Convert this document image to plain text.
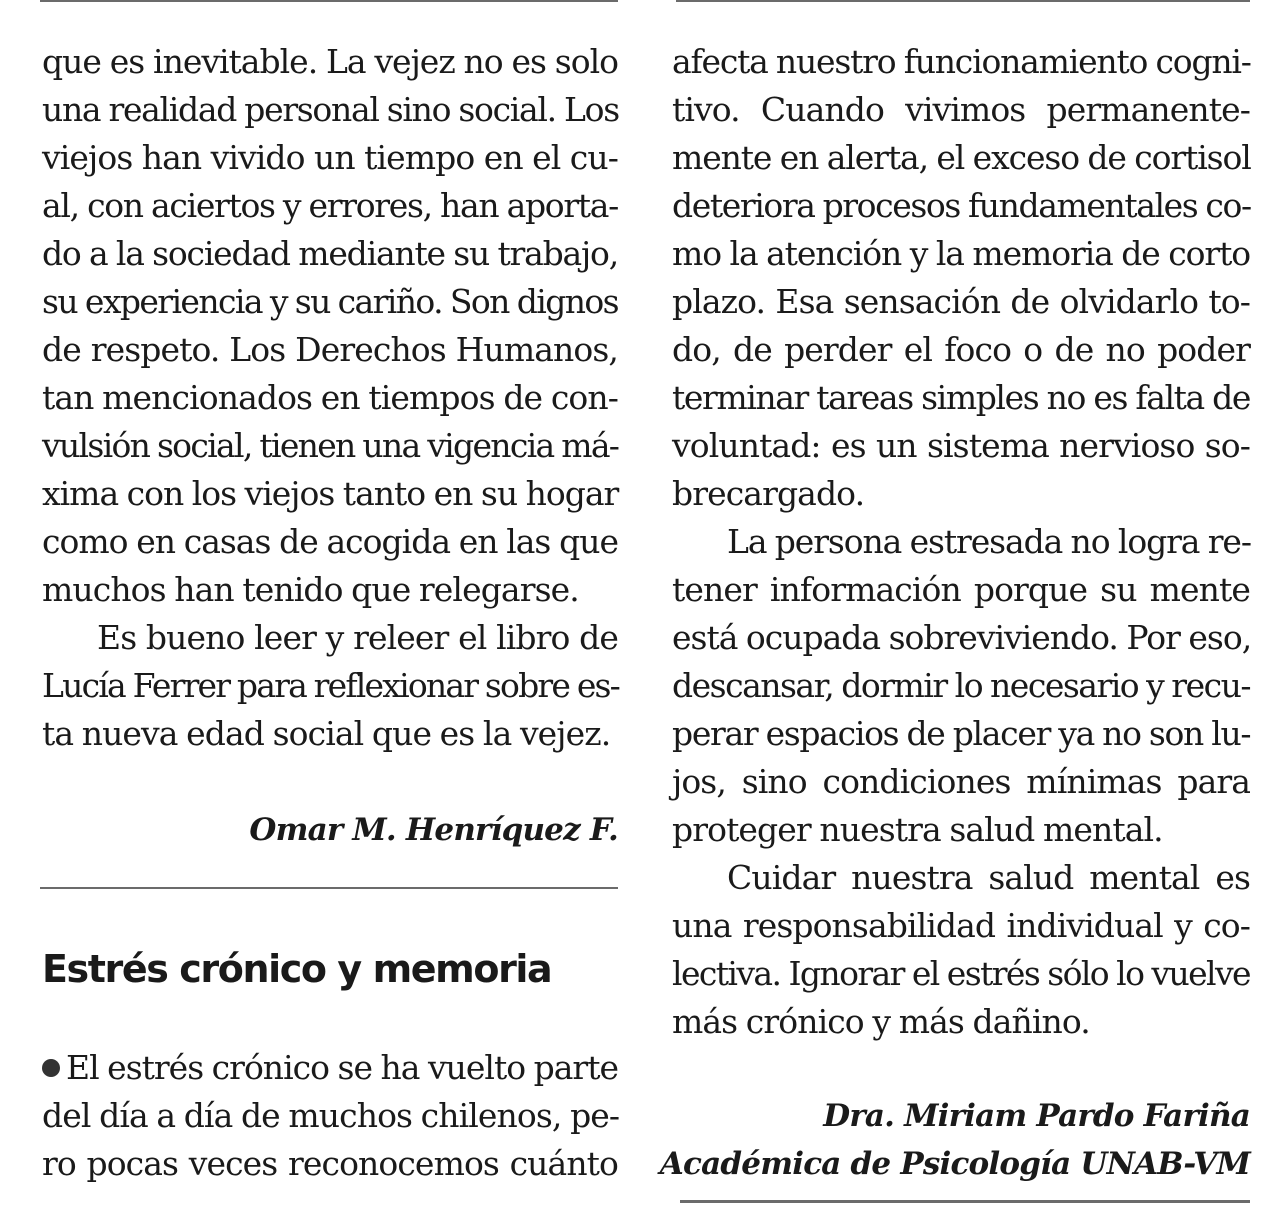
que es inevitable. La vejez no es solo
una realidad personal sino social. Los
viejos han vivido un tiempo en el cu-
al, con aciertos y errores, han aporta-
do a la sociedad mediante su trabajo,
su experiencia y su cariño. Son dignos
de respeto. Los Derechos Humanos,
tan mencionados en tiempos de con-
vulsión social, tienen una vigencia má-
xima con los viejos tanto en su hogar
como en casas de acogida en las que
muchos han tenido que relegarse.
Es bueno leer y releer el libro de
Lucía Ferrer para reflexionar sobre es-
ta nueva edad social que es la vejez.
Omar M. Henríquez F.
Estrés crónico y memoria
El estrés crónico se ha vuelto parte
del día a día de muchos chilenos, pe-
ro pocas veces reconocemos cuánto
afecta nuestro funcionamiento cogni-
tivo. Cuando vivimos permanente-
mente en alerta, el exceso de cortisol
deteriora procesos fundamentales co-
mo la atención y la memoria de corto
plazo. Esa sensación de olvidarlo to-
do, de perder el foco o de no poder
terminar tareas simples no es falta de
voluntad: es un sistema nervioso so-
brecargado.
La persona estresada no logra re-
tener información porque su mente
está ocupada sobreviviendo. Por eso,
descansar, dormir lo necesario y recu-
perar espacios de placer ya no son lu-
jos, sino condiciones mínimas para
proteger nuestra salud mental.
Cuidar nuestra salud mental es
una responsabilidad individual y co-
lectiva. Ignorar el estrés sólo lo vuelve
más crónico y más dañino.
Dra. Miriam Pardo Fariña
Académica de Psicología UNAB-VM
